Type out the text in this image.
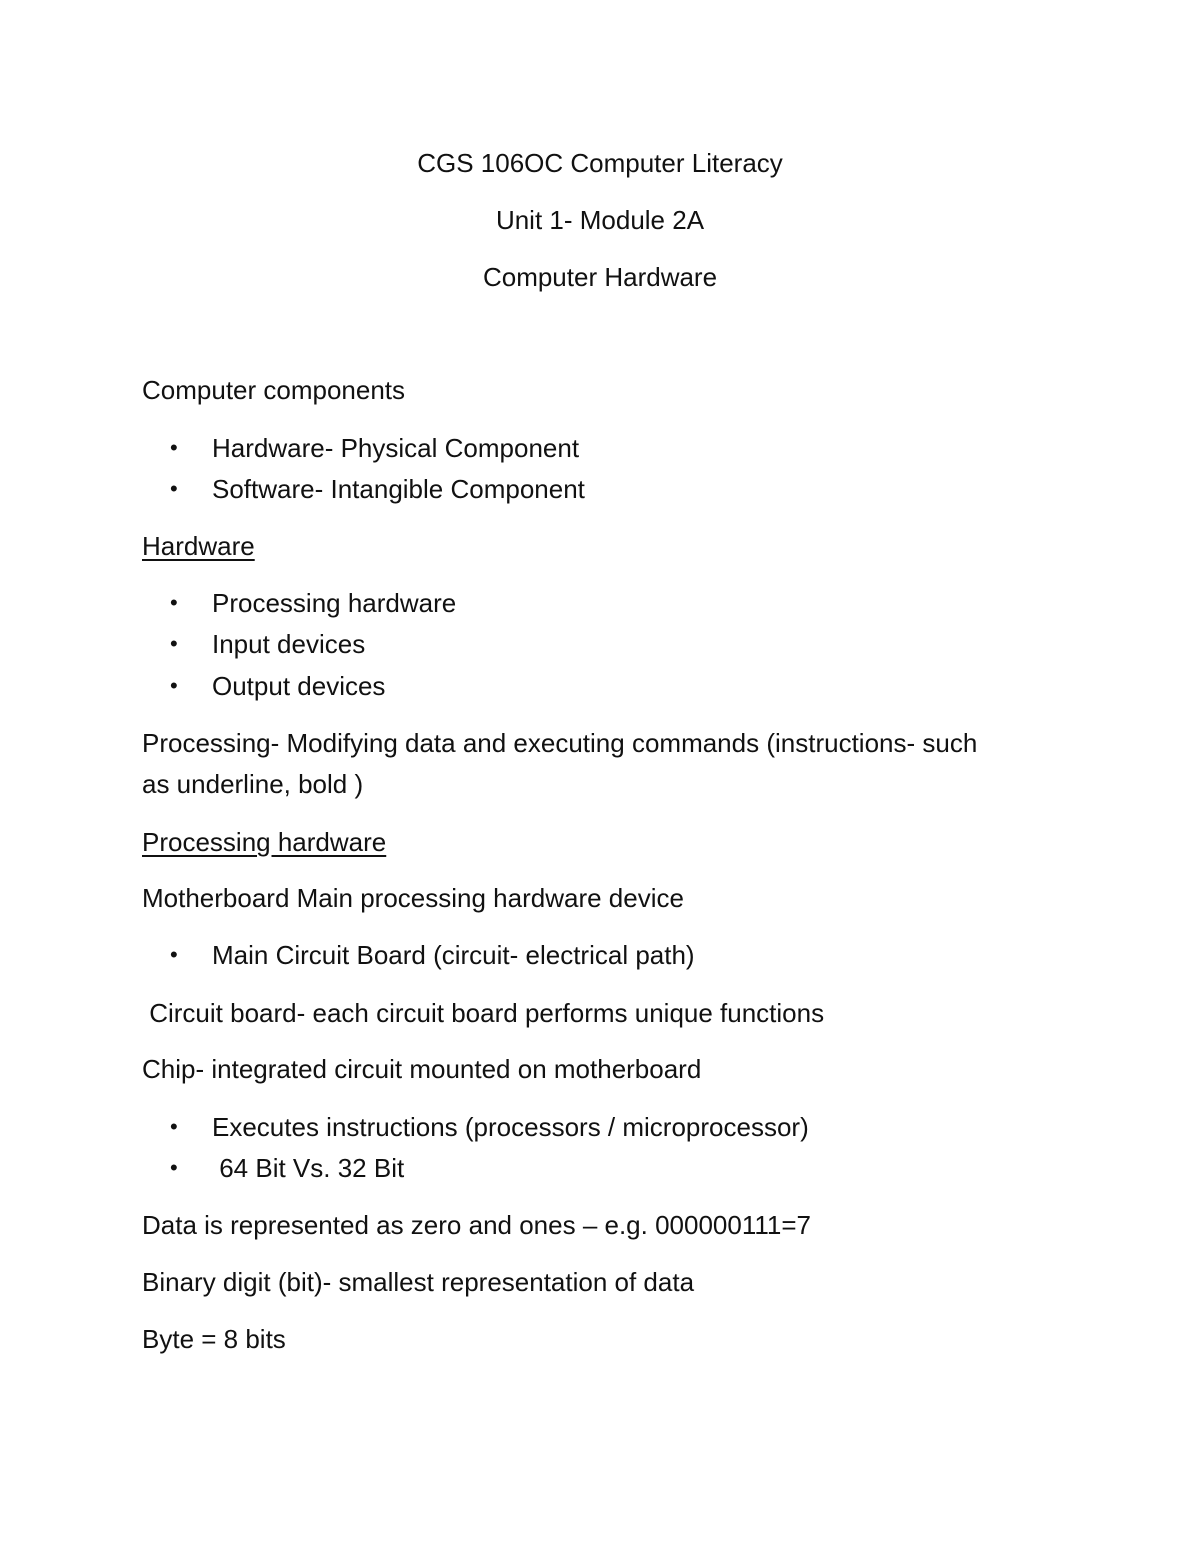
CGS 106OC Computer Literacy

Unit 1- Module 2A

Computer Hardware

Computer components

• Hardware- Physical Component
• Software- Intangible Component

Hardware

• Processing hardware
• Input devices
• Output devices

Processing- Modifying data and executing commands (instructions- such

as underline, bold )

Processing hardware

Motherboard Main processing hardware device

• Main Circuit Board (circuit- electrical path)

Circuit board- each circuit board performs unique functions

Chip- integrated circuit mounted on motherboard

• Executes instructions (processors / microprocessor)
• 64 Bit Vs. 32 Bit

Data is represented as zero and ones – e.g. 000000111=7

Binary digit (bit)- smallest representation of data

Byte = 8 bits
